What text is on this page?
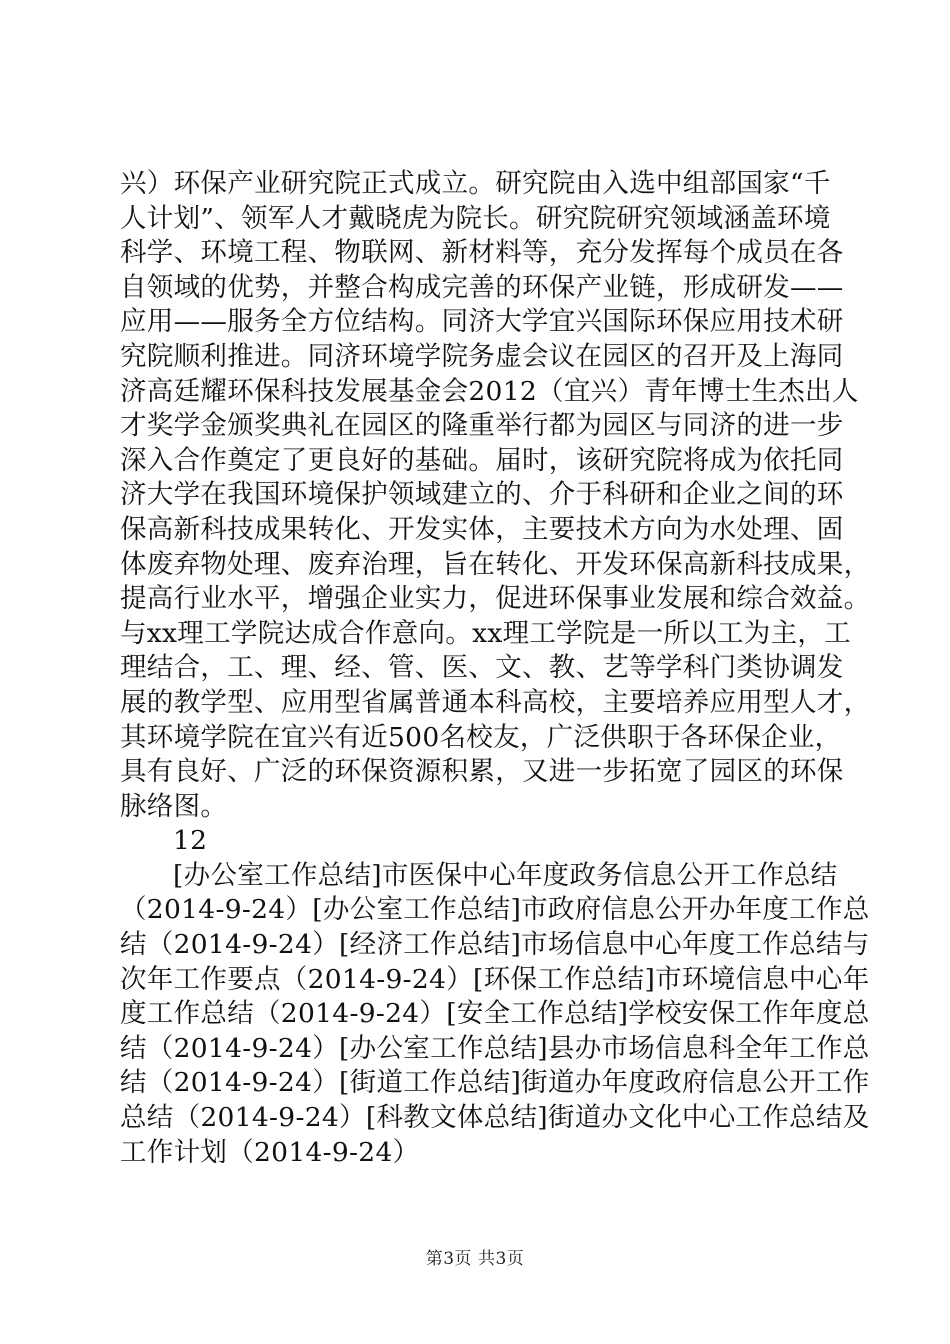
兴）环保产业研究院正式成立。研究院由入选中组部国家“千
人计划”、领军人才戴晓虎为院长。研究院研究领域涵盖环境
科学、环境工程、物联网、新材料等，充分发挥每个成员在各
自领域的优势，并整合构成完善的环保产业链，形成研发——
应用——服务全方位结构。同济大学宜兴国际环保应用技术研
究院顺利推进。同济环境学院务虚会议在园区的召开及上海同
济高廷耀环保科技发展基金会2012（宜兴）青年博士生杰出人
才奖学金颁奖典礼在园区的隆重举行都为园区与同济的进一步
深入合作奠定了更良好的基础。届时，该研究院将成为依托同
济大学在我国环境保护领域建立的、介于科研和企业之间的环
保高新科技成果转化、开发实体，主要技术方向为水处理、固
体废弃物处理、废弃治理，旨在转化、开发环保高新科技成果，
提高行业水平，增强企业实力，促进环保事业发展和综合效益。
与xx理工学院达成合作意向。xx理工学院是一所以工为主，工
理结合，工、理、经、管、医、文、教、艺等学科门类协调发
展的教学型、应用型省属普通本科高校，主要培养应用型人才，
其环境学院在宜兴有近500名校友，广泛供职于各环保企业，
具有良好、广泛的环保资源积累，又进一步拓宽了园区的环保
脉络图。
12
[办公室工作总结]市医保中心年度政务信息公开工作总结
（2014-9-24）[办公室工作总结]市政府信息公开办年度工作总
结（2014-9-24）[经济工作总结]市场信息中心年度工作总结与
次年工作要点（2014-9-24）[环保工作总结]市环境信息中心年
度工作总结（2014-9-24）[安全工作总结]学校安保工作年度总
结（2014-9-24）[办公室工作总结]县办市场信息科全年工作总
结（2014-9-24）[街道工作总结]街道办年度政府信息公开工作
总结（2014-9-24）[科教文体总结]街道办文化中心工作总结及
工作计划（2014-9-24）
第3页 共3页
